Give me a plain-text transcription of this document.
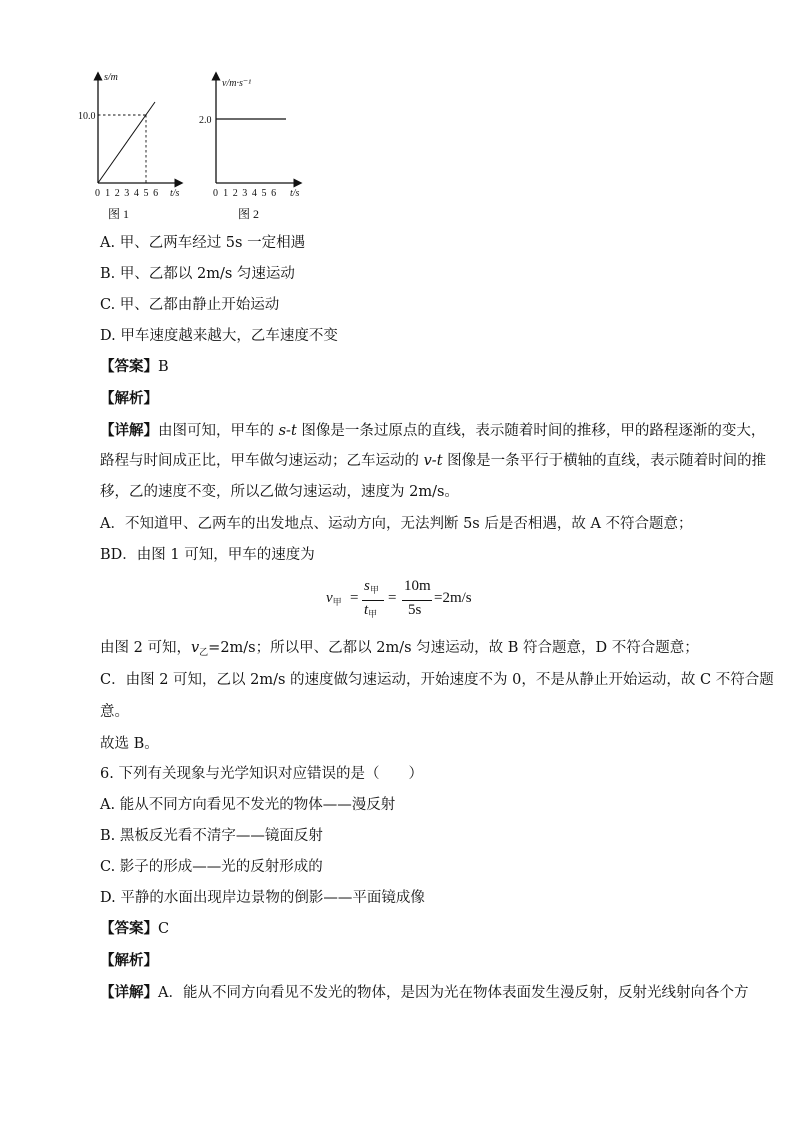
s/m
10.0
0 1 2 3 4 5 6 t/s
图 1
v/m·s⁻¹
2.0
0 1 2 3 4 5 6 t/s
图 2
A. 甲、乙两车经过 5s 一定相遇
B. 甲、乙都以 2m/s 匀速运动
C. 甲、乙都由静止开始运动
D. 甲车速度越来越大，乙车速度不变
【答案】B
【解析】
【详解】由图可知，甲车的 s-t 图像是一条过原点的直线，表示随着时间的推移，甲的路程逐渐的变大，
路程与时间成正比，甲车做匀速运动；乙车运动的 v-t 图像是一条平行于横轴的直线，表示随着时间的推
移，乙的速度不变，所以乙做匀速运动，速度为 2m/s。
A．不知道甲、乙两车的出发地点、运动方向，无法判断 5s 后是否相遇，故 A 不符合题意；
BD．由图 1 可知，甲车的速度为
$v_甲$ =
$s_甲$
$t_甲$
=
10m
5s
=2m/s
由图 2 可知，$v_乙=2m/s$；所以甲、乙都以 2m/s 匀速运动，故 B 符合题意，D 不符合题意；
C．由图 2 可知，乙以 2m/s 的速度做匀速运动，开始速度不为 0，不是从静止开始运动，故 C 不符合题
意。
故选 B。
6. 下列有关现象与光学知识对应错误的是（　　）
A. 能从不同方向看见不发光的物体——漫反射
B. 黑板反光看不清字——镜面反射
C. 影子的形成——光的反射形成的
D. 平静的水面出现岸边景物的倒影——平面镜成像
【答案】C
【解析】
【详解】A．能从不同方向看见不发光的物体，是因为光在物体表面发生漫反射，反射光线射向各个方
